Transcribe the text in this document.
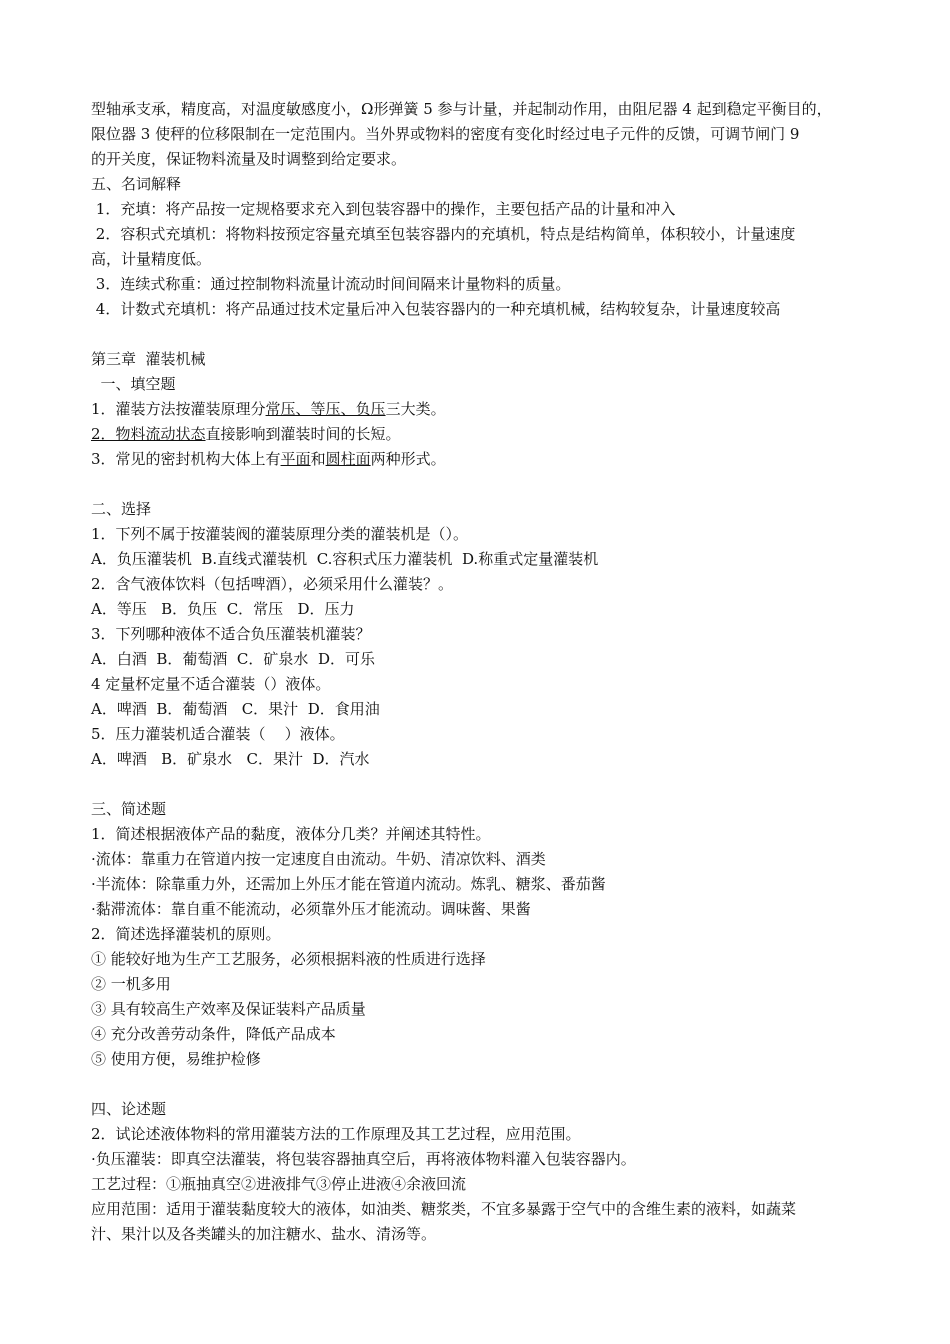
型轴承支承，精度高，对温度敏感度小，Ω形弹簧 5 参与计量，并起制动作用，由阻尼器 4 起到稳定平衡目的，
限位器 3 使秤的位移限制在一定范围内。当外界或物料的密度有变化时经过电子元件的反馈，可调节闸门 9
的开关度，保证物料流量及时调整到给定要求。
五、名词解释
1．充填：将产品按一定规格要求充入到包装容器中的操作，主要包括产品的计量和冲入
2．容积式充填机：将物料按预定容量充填至包装容器内的充填机，特点是结构简单，体积较小，计量速度
高，计量精度低。
3．连续式称重：通过控制物料流量计流动时间间隔来计量物料的质量。
4．计数式充填机：将产品通过技术定量后冲入包装容器内的一种充填机械，结构较复杂，计量速度较高
第三章  灌装机械
一、填空题
1．灌装方法按灌装原理分常压、等压、负压三大类。
2．物料流动状态直接影响到灌装时间的长短。
3．常见的密封机构大体上有平面和圆柱面两种形式。
二、选择
1．下列不属于按灌装阀的灌装原理分类的灌装机是（）。
A．负压灌装机  B.直线式灌装机  C.容积式压力灌装机  D.称重式定量灌装机
2．含气液体饮料（包括啤酒），必须采用什么灌装？。
A．等压   B．负压  C．常压   D．压力
3．下列哪种液体不适合负压灌装机灌装？
A．白酒  B．葡萄酒  C．矿泉水  D．可乐
4 定量杯定量不适合灌装（）液体。
A．啤酒  B．葡萄酒   C．果汁  D．食用油
5．压力灌装机适合灌装（    ）液体。
A．啤酒   B．矿泉水   C．果汁  D．汽水
三、简述题
1．简述根据液体产品的黏度，液体分几类？并阐述其特性。
·流体：靠重力在管道内按一定速度自由流动。牛奶、清凉饮料、酒类
·半流体：除靠重力外，还需加上外压才能在管道内流动。炼乳、糖浆、番茄酱
·黏滞流体：靠自重不能流动，必须靠外压才能流动。调味酱、果酱
2．简述选择灌装机的原则。
① 能较好地为生产工艺服务，必须根据料液的性质进行选择
② 一机多用
③ 具有较高生产效率及保证装料产品质量
④ 充分改善劳动条件，降低产品成本
⑤ 使用方便，易维护检修
四、论述题
2．试论述液体物料的常用灌装方法的工作原理及其工艺过程，应用范围。
·负压灌装：即真空法灌装，将包装容器抽真空后，再将液体物料灌入包装容器内。
工艺过程：①瓶抽真空②进液排气③停止进液④余液回流
应用范围：适用于灌装黏度较大的液体，如油类、糖浆类，不宜多暴露于空气中的含维生素的液料，如蔬菜
汁、果汁以及各类罐头的加注糖水、盐水、清汤等。
